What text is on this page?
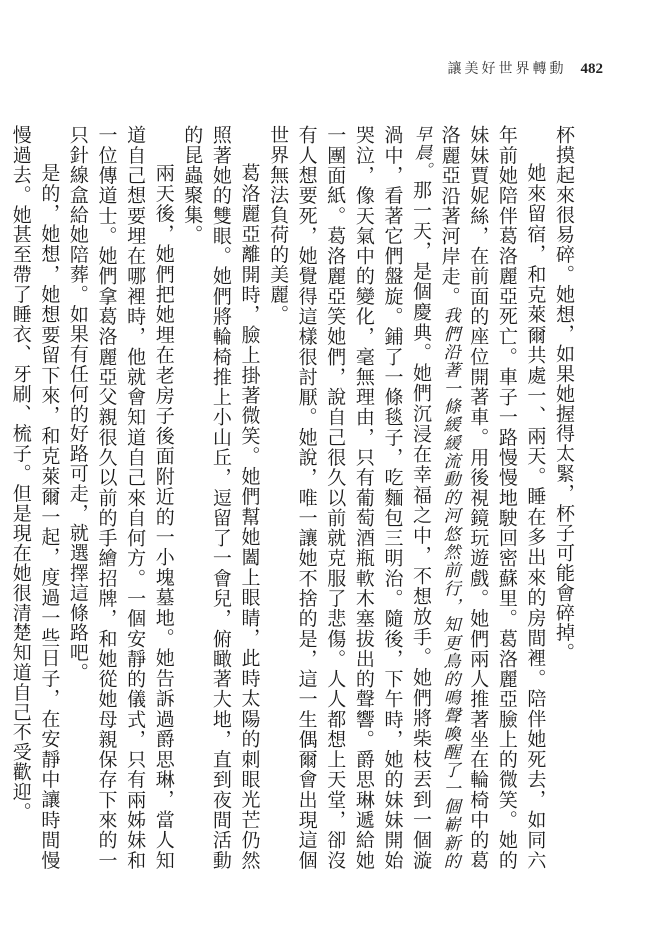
讓美好世界轉動 482

杯摸起來很易碎。她想，如果她握得太緊，杯子可能會碎掉。

她來留宿，和克萊爾共處一、兩天。睡在多出來的房間裡。陪伴她死去，如同六年前她陪伴葛洛麗亞死亡。車子一路慢慢地駛回密蘇里。葛洛麗亞臉上的微笑。她的妹妹賈妮絲，在前面的座位開著車。用後視鏡玩遊戲。她們兩人推著坐在輪椅中的葛洛麗亞沿著河岸走。我們沿著一條緩緩流動的河悠然前行，知更鳥的鳴聲喚醒了一個嶄新的早晨。那一天，是個慶典。她們沉浸在幸福之中，不想放手。她們將柴枝丟到一個漩渦中，看著它們盤旋。鋪了一條毯子，吃麵包三明治。隨後，下午時，她的妹妹開始哭泣，像天氣中的變化，毫無理由，只有葡萄酒瓶軟木塞拔出的聲響。爵思琳遞給她一團面紙。葛洛麗亞笑她們，說自己很久以前就克服了悲傷。人人都想上天堂，卻沒有人想要死，她覺得這樣很討厭。她說，唯一讓她不捨的是，這一生偶爾會出現這個世界無法負荷的美麗。

葛洛麗亞離開時，臉上掛著微笑。她們幫她闔上眼睛，此時太陽的刺眼光芒仍然照著她的雙眼。她們將輪椅推上小山丘，逗留了一會兒，俯瞰著大地，直到夜間活動的昆蟲聚集。

兩天後，她們把她埋在老房子後面附近的一小塊墓地。她告訴過爵思琳，當人知道自己想要埋在哪裡時，他就會知道自己來自何方。一個安靜的儀式，只有兩姊妹和一位傳道士。她們拿葛洛麗亞父親很久以前的手繪招牌，和她從她母親保存下來的一只針線盒給她陪葬。如果有任何的好路可走，就選擇這條路吧。

是的，她想，她想要留下來，和克萊爾一起，度過一些日子，在安靜中讓時間慢慢過去。她甚至帶了睡衣、牙刷、梳子。但是現在她很清楚知道自己不受歡迎。
